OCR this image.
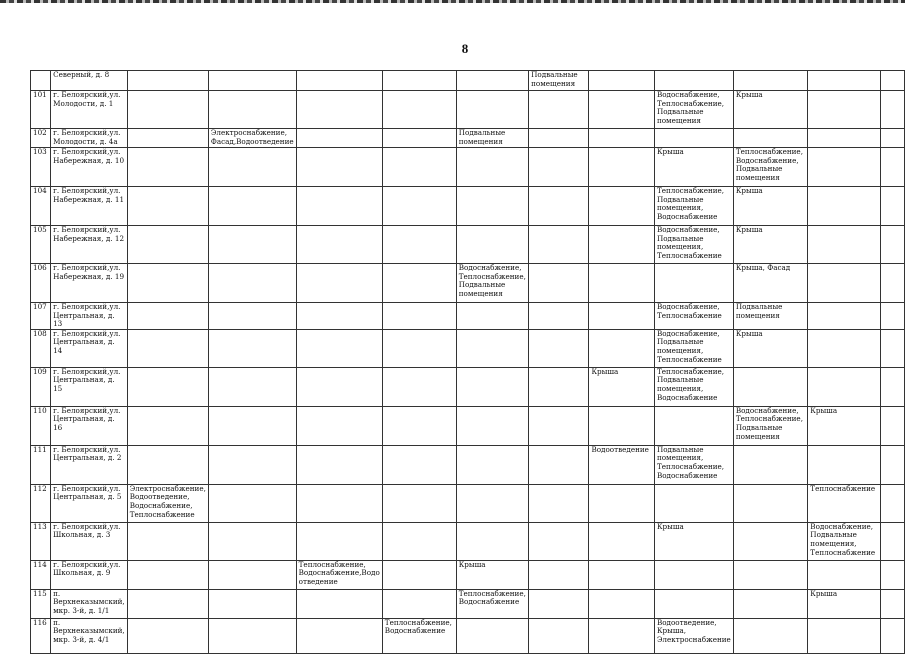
8
	Северный, д. 8						Подвальные
помещения					
101	г. Белоярский,ул.
Молодости, д. 1								Водоснабжение,
Теплоснабжение,
Подвальные
помещения	Крыша		
102	г. Белоярский,ул.
Молодости, д. 4а		Электроснабжение,
Фасад,Водоотведение			Подвальные
помещения						
103	г. Белоярский,ул.
Набережная, д. 10								Крыша	Теплоснабжение,
Водоснабжение,
Подвальные
помещения		
104	г. Белоярский,ул.
Набережная, д. 11								Теплоснабжение,
Подвальные
помещения,
Водоснабжение	Крыша		
105	г. Белоярский,ул.
Набережная, д. 12								Водоснабжение,
Подвальные
помещения,
Теплоснабжение	Крыша		
106	г. Белоярский,ул.
Набережная, д. 19					Водоснабжение,
Теплоснабжение,
Подвальные
помещения				Крыша, Фасад		
107	г. Белоярский,ул.
Центральная, д. 13								Водоснабжение,
Теплоснабжение	Подвальные
помещения		
108	г. Белоярский,ул.
Центральная, д. 14								Водоснабжение,
Подвальные
помещения,
Теплоснабжение	Крыша		
109	г. Белоярский,ул.
Центральная, д. 15							Крыша	Теплоснабжение,
Подвальные
помещения,
Водоснабжение			
110	г. Белоярский,ул.
Центральная, д. 16									Водоснабжение,
Теплоснабжение,
Подвальные
помещения	Крыша	
111	г. Белоярский,ул.
Центральная, д. 2							Водоотведение	Подвальные
помещения,
Теплоснабжение,
Водоснабжение			
112	г. Белоярский,ул.
Центральная, д. 5	Электроснабжение,
Водоотведение,
Водоснабжение,
Теплоснабжение									Теплоснабжение	
113	г. Белоярский,ул.
Школьная, д. 3								Крыша		Водоснабжение,
Подвальные
помещения,
Теплоснабжение	
114	г. Белоярский,ул.
Школьная, д. 9			Теплоснабжение,
Водоснабжение,Водо
отведение		Крыша						
115	п.
Верхнеказымский,
мкр. 3-й, д. 1/1					Теплоснабжение,
Водоснабжение					Крыша	
116	п.
Верхнеказымский,
мкр. 3-й, д. 4/1				Теплоснабжение,
Водоснабжение				Водоотведение,
Крыша,
Электроснабжение			
